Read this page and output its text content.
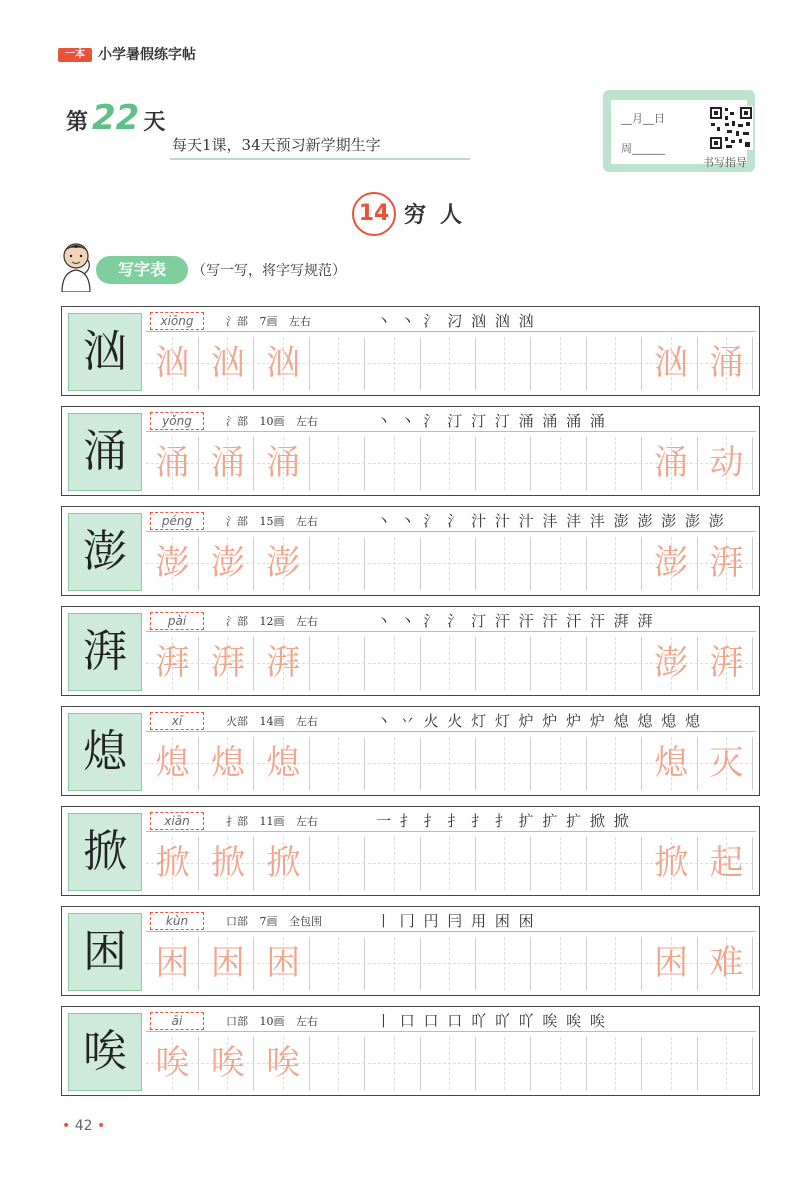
一本 小学暑假练字帖
第 22 天
每天1课，34天预习新学期生字
__月__日
周______
书写指导
14 穷人
写字表	（写一写，将字写规范）
汹
xiōng	氵部 7画 左右	丶 丶 氵 汈 汹 汹 汹
汹 汹 汹	汹 涌
涌
yǒng	氵部 10画 左右	丶 丶 氵 汀 汀 汀 涌 涌 涌 涌
涌 涌 涌	涌 动
澎
péng	氵部 15画 左右	丶 丶 氵 氵 汁 汁 汁 沣 沣 沣 澎 澎 澎 澎 澎
澎 澎 澎	澎 湃
湃
pài	氵部 12画 左右	丶 丶 氵 氵 汀 汗 汗 汗 汗 汗 湃 湃
湃 湃 湃	澎 湃
熄
xī	火部 14画 左右	丶 丷 火 火 灯 灯 炉 炉 炉 炉 熄 熄 熄 熄
熄 熄 熄	熄 灭
掀
xiān	扌部 11画 左右	一 扌 扌 扌 扌 扌 扩 扩 扩 掀 掀
掀 掀 掀	掀 起
困
kùn	口部 7画 全包围	丨 冂 円 冃 用 困 困
困 困 困	困 难
唉
āi	口部 10画 左右	丨 口 口 口 吖 吖 吖 唉 唉 唉
唉 唉 唉
• 42 •
